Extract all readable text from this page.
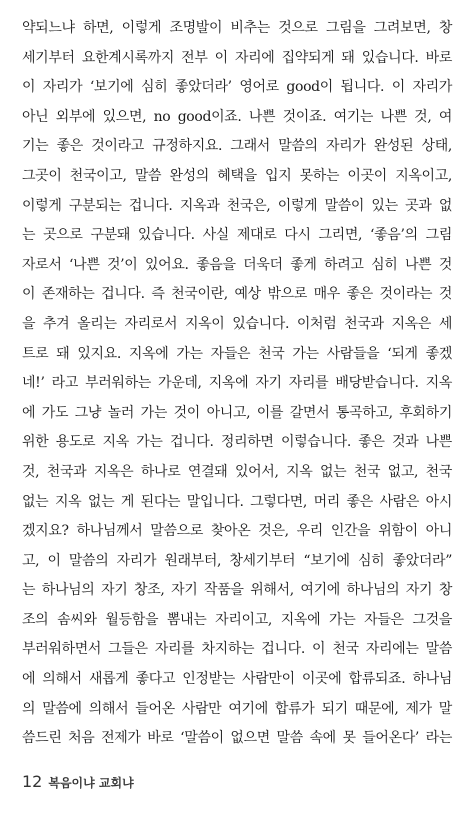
약되느냐 하면, 이렇게 조명발이 비추는 것으로 그림을 그려보면, 창
세기부터 요한계시록까지 전부 이 자리에 집약되게 돼 있습니다. 바로
이 자리가 ‘보기에 심히 좋았더라’ 영어로 good이 됩니다. 이 자리가
아닌 외부에 있으면, no good이죠. 나쁜 것이죠. 여기는 나쁜 것, 여
기는 좋은 것이라고 규정하지요. 그래서 말씀의 자리가 완성된 상태,
그곳이 천국이고, 말씀 완성의 혜택을 입지 못하는 이곳이 지옥이고,
이렇게 구분되는 겁니다. 지옥과 천국은, 이렇게 말씀이 있는 곳과 없
는 곳으로 구분돼 있습니다. 사실 제대로 다시 그리면, ‘좋음’의 그림
자로서 ‘나쁜 것’이 있어요. 좋음을 더욱더 좋게 하려고 심히 나쁜 것
이 존재하는 겁니다. 즉 천국이란, 예상 밖으로 매우 좋은 것이라는 것
을 추겨 올리는 자리로서 지옥이 있습니다. 이처럼 천국과 지옥은 세
트로 돼 있지요. 지옥에 가는 자들은 천국 가는 사람들을 ‘되게 좋겠
네!’ 라고 부러워하는 가운데, 지옥에 자기 자리를 배당받습니다. 지옥
에 가도 그냥 놀러 가는 것이 아니고, 이를 갈면서 통곡하고, 후회하기
위한 용도로 지옥 가는 겁니다. 정리하면 이렇습니다. 좋은 것과 나쁜
것, 천국과 지옥은 하나로 연결돼 있어서, 지옥 없는 천국 없고, 천국
없는 지옥 없는 게 된다는 말입니다. 그렇다면, 머리 좋은 사람은 아시
겠지요? 하나님께서 말씀으로 찾아온 것은, 우리 인간을 위함이 아니
고, 이 말씀의 자리가 원래부터, 창세기부터 “보기에 심히 좋았더라”
는 하나님의 자기 창조, 자기 작품을 위해서, 여기에 하나님의 자기 창
조의 솜씨와 월등함을 뽐내는 자리이고, 지옥에 가는 자들은 그것을
부러워하면서 그들은 자리를 차지하는 겁니다. 이 천국 자리에는 말씀
에 의해서 새롭게 좋다고 인정받는 사람만이 이곳에 합류되죠. 하나님
의 말씀에 의해서 들어온 사람만 여기에 합류가 되기 때문에, 제가 말
씀드린 처음 전제가 바로 ‘말씀이 없으면 말씀 속에 못 들어온다’ 라는
12 복음이냐 교회냐
